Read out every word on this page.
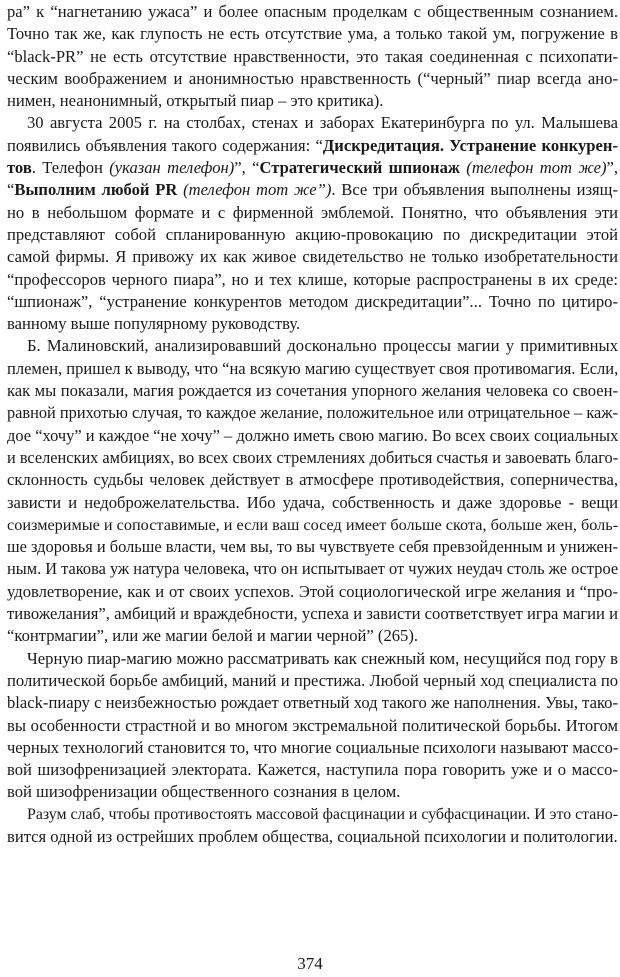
ра” к “нагнетанию ужаса” и более опасным проделкам с общественным сознанием.
Точно так же, как глупость не есть отсутствие ума, а только такой ум, погружение в
“black-PR” не есть отсутствие нравственности, это такая соединенная с психопати-
ческим воображением и анонимностью нравственность (“черный” пиар всегда ано-
нимен, неанонимный, открытый пиар – это критика).
30 августа 2005 г. на столбах, стенах и заборах Екатеринбурга по ул. Малышева
появились объявления такого содержания: “Дискредитация. Устранение конкурен-
тов. Телефон (указан телефон)”, “Стратегический шпионаж (телефон тот же)”,
“Выполним любой PR (телефон тот же”). Все три объявления выполнены изящ-
но в небольшом формате и с фирменной эмблемой. Понятно, что объявления эти
представляют собой спланированную акцию-провокацию по дискредитации этой
самой фирмы. Я привожу их как живое свидетельство не только изобретательности
“профессоров черного пиара”, но и тех клише, которые распространены в их среде:
“шпионаж”, “устранение конкурентов методом дискредитации”... Точно по цитиро-
ванному выше популярному руководству.
Б. Малиновский, анализировавший досконально процессы магии у примитивных
племен, пришел к выводу, что “на всякую магию существует своя противомагия. Если,
как мы показали, магия рождается из сочетания упорного желания человека со своен-
равной прихотью случая, то каждое желание, положительное или отрицательное – каж-
дое “хочу” и каждое “не хочу” – должно иметь свою магию. Во всех своих социальных
и вселенских амбициях, во всех своих стремлениях добиться счастья и завоевать благо-
склонность судьбы человек действует в атмосфере противодействия, соперничества,
зависти и недоброжелательства. Ибо удача, собственность и даже здоровье - вещи
соизмеримые и сопоставимые, и если ваш сосед имеет больше скота, больше жен, боль-
ше здоровья и больше власти, чем вы, то вы чувствуете себя превзойденным и унижен-
ным. И такова уж натура человека, что он испытывает от чужих неудач столь же острое
удовлетворение, как и от своих успехов. Этой социологической игре желания и “про-
тивожелания”, амбиций и враждебности, успеха и зависти соответствует игра магии и
“контрмагии”, или же магии белой и магии черной” (265).
Черную пиар-магию можно рассматривать как снежный ком, несущийся под гору в
политической борьбе амбиций, маний и престижа. Любой черный ход специалиста по
black-пиару с неизбежностью рождает ответный ход такого же наполнения. Увы, тако-
вы особенности страстной и во многом экстремальной политической борьбы. Итогом
черных технологий становится то, что многие социальные психологи называют массо-
вой шизофренизацией электората. Кажется, наступила пора говорить уже и о массо-
вой шизофренизации общественного сознания в целом.
Разум слаб, чтобы противостоять массовой фасцинации и субфасцинации. И это стано-
вится одной из острейших проблем общества, социальной психологии и политологии.
374
